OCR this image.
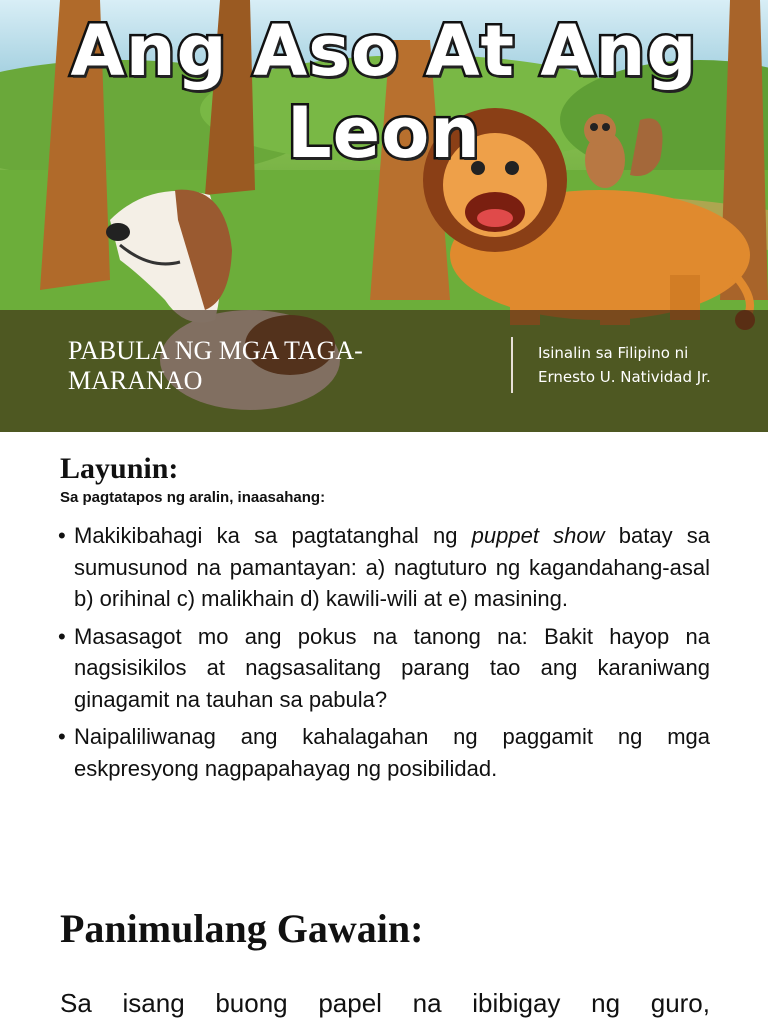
Ang Aso At Ang Leon
PABULA NG MGA TAGA-MARANAO
Isinalin sa Filipino ni
Ernesto U. Natividad Jr.
Layunin:
Sa pagtatapos ng aralin, inaasahang:
• Makikibahagi ka sa pagtatanghal ng puppet show batay sa sumusunod na pamantayan: a) nagtuturo ng kagandahang-asal b) orihinal c) malikhain d) kawili-wili at e) masining.
• Masasagot mo ang pokus na tanong na: Bakit hayop na nagsisikilos at nagsasalitang parang tao ang karaniwang ginagamit na tauhan sa pabula?
• Naipaliliwanag ang kahalagahan ng paggamit ng mga eskpresyong nagpapahayag ng posibilidad.
Panimulang Gawain:
Sa isang buong papel na ibibigay ng guro,
